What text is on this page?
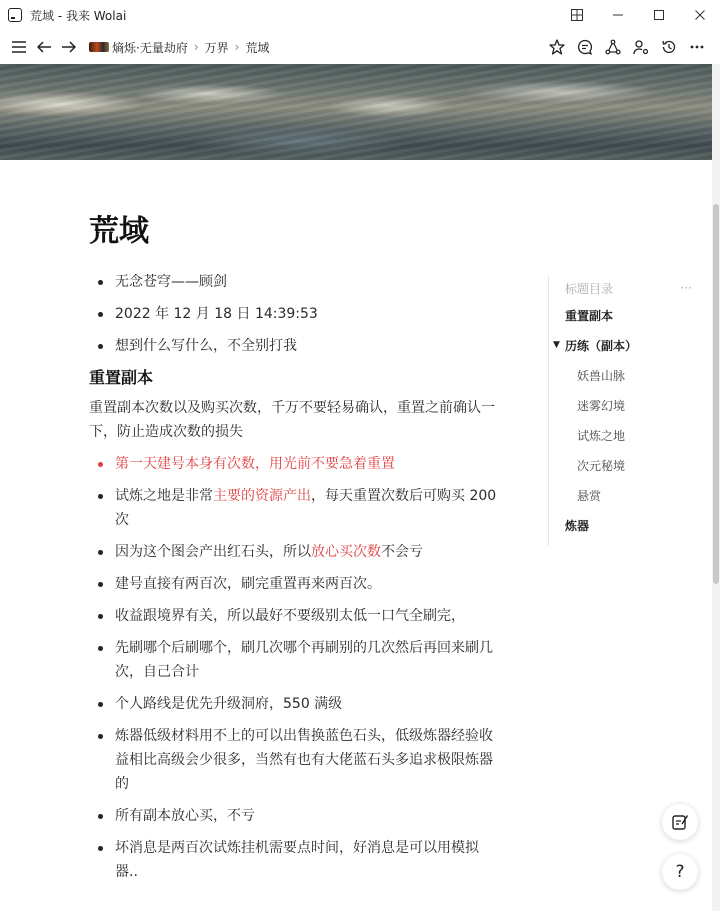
荒域 - 我来 Wolai
熵烁·无量劫府 › 万界 › 荒域
荒域
无念苍穹——顾剑
2022 年 12 月 18 日 14:39:53
想到什么写什么，不全别打我
重置副本
重置副本次数以及购买次数，千万不要轻易确认，重置之前确认一下，防止造成次数的损失
第一天建号本身有次数，用光前不要急着重置
试炼之地是非常主要的资源产出，每天重置次数后可购买 200 次
因为这个图会产出红石头，所以放心买次数不会亏
建号直接有两百次，刷完重置再来两百次。
收益跟境界有关，所以最好不要级别太低一口气全刷完，
先刷哪个后刷哪个，刷几次哪个再刷别的几次然后再回来刷几次，自己合计
个人路线是优先升级洞府，550 满级
炼器低级材料用不上的可以出售换蓝色石头，低级炼器经验收益相比高级会少很多，当然有也有大佬蓝石头多追求极限炼器的
所有副本放心买，不亏
坏消息是两百次试炼挂机需要点时间，好消息是可以用模拟器..
标题目录	···
重置副本
▼ 历练（副本）
妖兽山脉
迷雾幻境
试炼之地
次元秘境
悬赏
炼器
?
